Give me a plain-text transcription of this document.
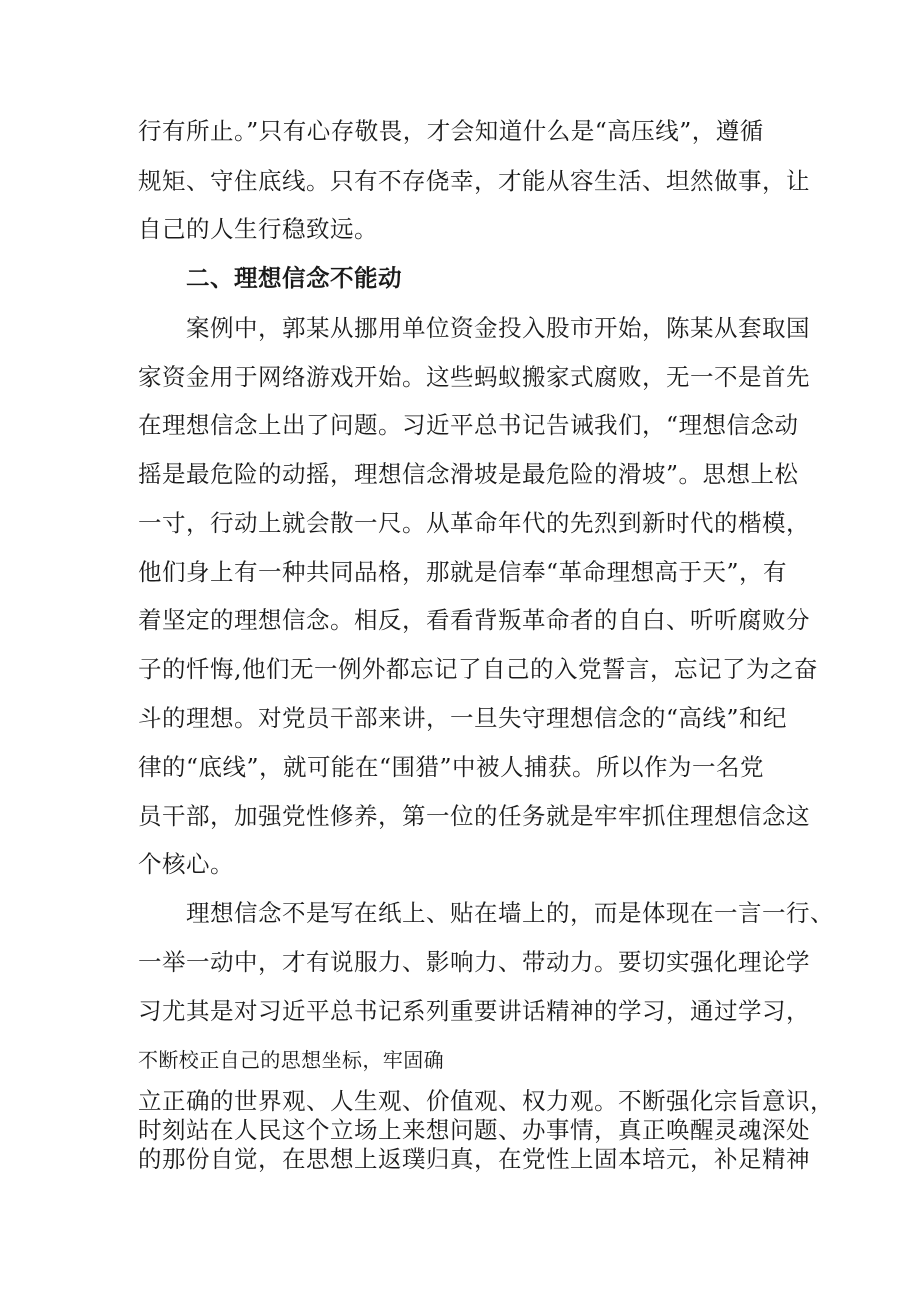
行有所止。”只有心存敬畏，才会知道什么是“高压线”，遵循
规矩、守住底线。只有不存侥幸，才能从容生活、坦然做事，让
自己的人生行稳致远。
二、理想信念不能动
案例中，郭某从挪用单位资金投入股市开始，陈某从套取国
家资金用于网络游戏开始。这些蚂蚁搬家式腐败，无一不是首先
在理想信念上出了问题。习近平总书记告诫我们，“理想信念动
摇是最危险的动摇，理想信念滑坡是最危险的滑坡”。思想上松
一寸，行动上就会散一尺。从革命年代的先烈到新时代的楷模，
他们身上有一种共同品格，那就是信奉“革命理想高于天”，有
着坚定的理想信念。相反，看看背叛革命者的自白、听听腐败分
子的忏悔,他们无一例外都忘记了自己的入党誓言，忘记了为之奋
斗的理想。对党员干部来讲，一旦失守理想信念的“高线”和纪
律的“底线”，就可能在“围猎”中被人捕获。所以作为一名党
员干部，加强党性修养，第一位的任务就是牢牢抓住理想信念这
个核心。
理想信念不是写在纸上、贴在墙上的，而是体现在一言一行、
一举一动中，才有说服力、影响力、带动力。要切实强化理论学
习尤其是对习近平总书记系列重要讲话精神的学习，通过学习，
不断校正自己的思想坐标，牢固确
立正确的世界观、人生观、价值观、权力观。不断强化宗旨意识，
时刻站在人民这个立场上来想问题、办事情，真正唤醒灵魂深处
的那份自觉，在思想上返璞归真，在党性上固本培元，补足精神
